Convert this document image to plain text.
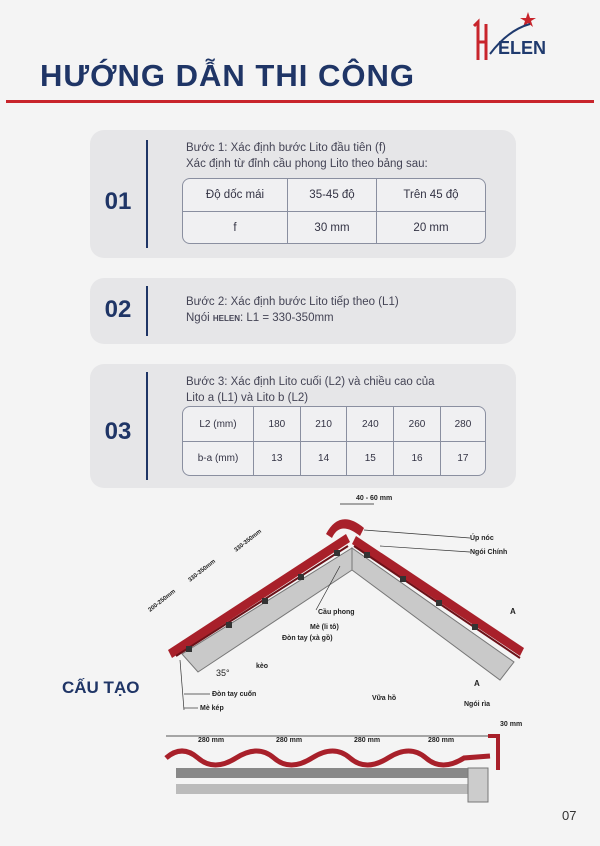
ELEN
HƯỚNG DẪN THI CÔNG
01
Bước 1: Xác định bước Lito đầu tiên (f)
Xác định từ đỉnh cầu phong Lito theo bảng sau:
Độ dốc mái	35-45 độ	Trên 45 độ
f	30 mm	20 mm
02	Bước 2: Xác định bước Lito tiếp theo (L1)
Ngói HELEN: L1 = 330-350mm
03
Bước 3: Xác định Lito cuối (L2) và chiều cao của
Lito a (L1) và Lito b (L2)
L2 (mm)	180	210	240	260	280
b-a (mm)	13	14	15	16	17
CẤU TẠO
40 - 60 mm
200-250mm
330-350mm
330-350mm	Úp nóc
Ngói Chính
Cầu phong
Mè (li tô)
Đòn tay (xà gồ)
kèo
35°
Đòn tay cuốn
Mè kép
A
A
Vữa hồ
Ngói rìa
30 mm
280 mm	280 mm	280 mm	280 mm
07
